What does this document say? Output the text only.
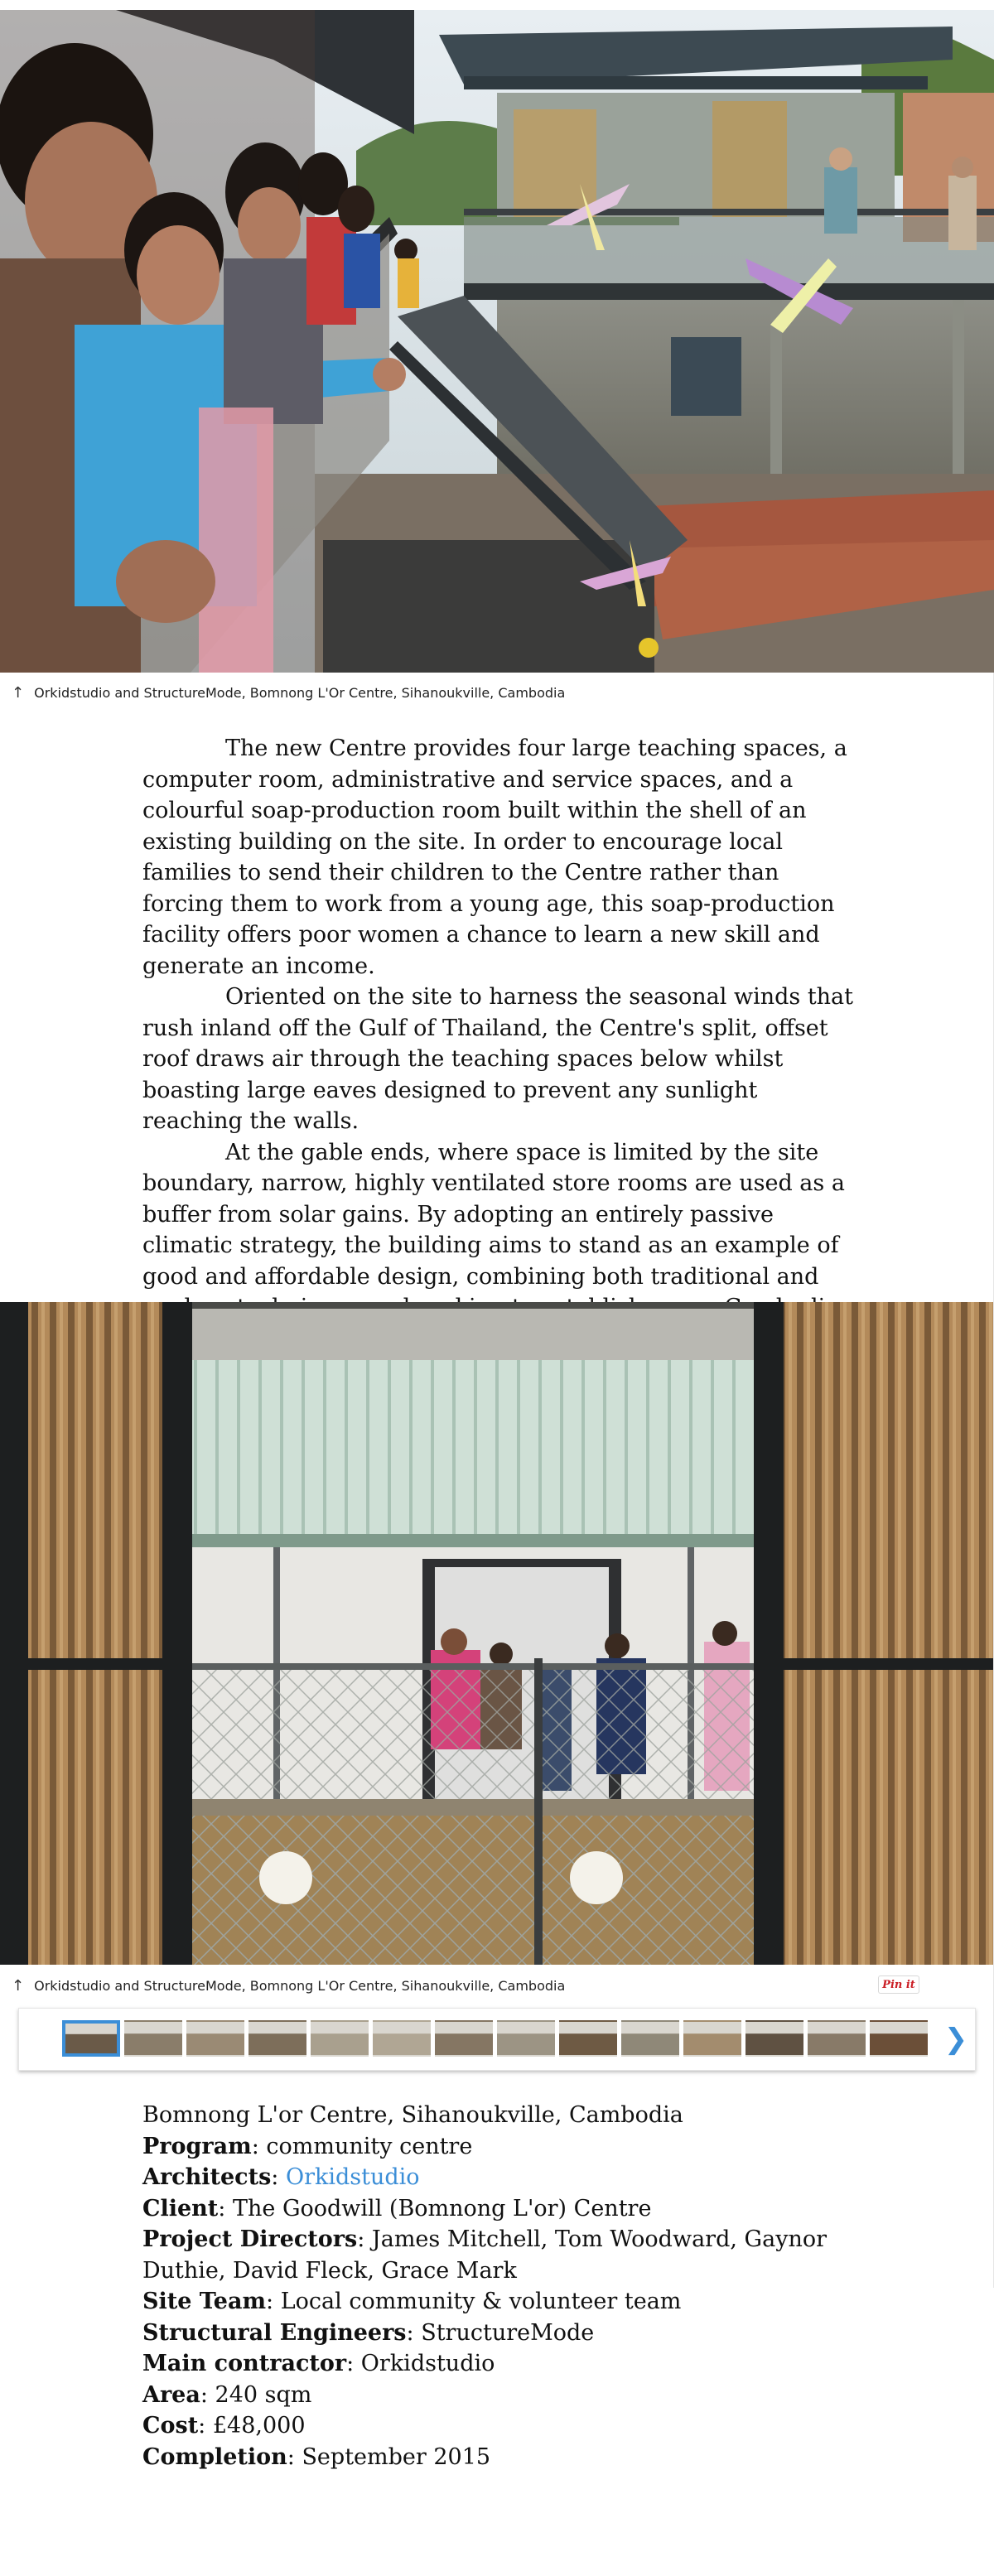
↑ Orkidstudio and StructureMode, Bomnong L'Or Centre, Sihanoukville, Cambodia

The new Centre provides four large teaching spaces, a computer room, administrative and service spaces, and a colourful soap-production room built within the shell of an existing building on the site. In order to encourage local families to send their children to the Centre rather than forcing them to work from a young age, this soap-production facility offers poor women a chance to learn a new skill and generate an income.

Oriented on the site to harness the seasonal winds that rush inland off the Gulf of Thailand, the Centre's split, offset roof draws air through the teaching spaces below whilst boasting large eaves designed to prevent any sunlight reaching the walls.

At the gable ends, where space is limited by the site boundary, narrow, highly ventilated store rooms are used as a buffer from solar gains. By adopting an entirely passive climatic strategy, the building aims to stand as an example of good and affordable design, combining both traditional and

↑ Orkidstudio and StructureMode, Bomnong L'Or Centre, Sihanoukville, Cambodia	Pin it
❯
Bomnong L'or Centre, Sihanoukville, Cambodia
Program: community centre
Architects: Orkidstudio
Client: The Goodwill (Bomnong L'or) Centre
Project Directors: James Mitchell, Tom Woodward, Gaynor Duthie, David Fleck, Grace Mark
Site Team: Local community & volunteer team
Structural Engineers: StructureMode
Main contractor: Orkidstudio
Area: 240 sqm
Cost: £48,000
Completion: September 2015
